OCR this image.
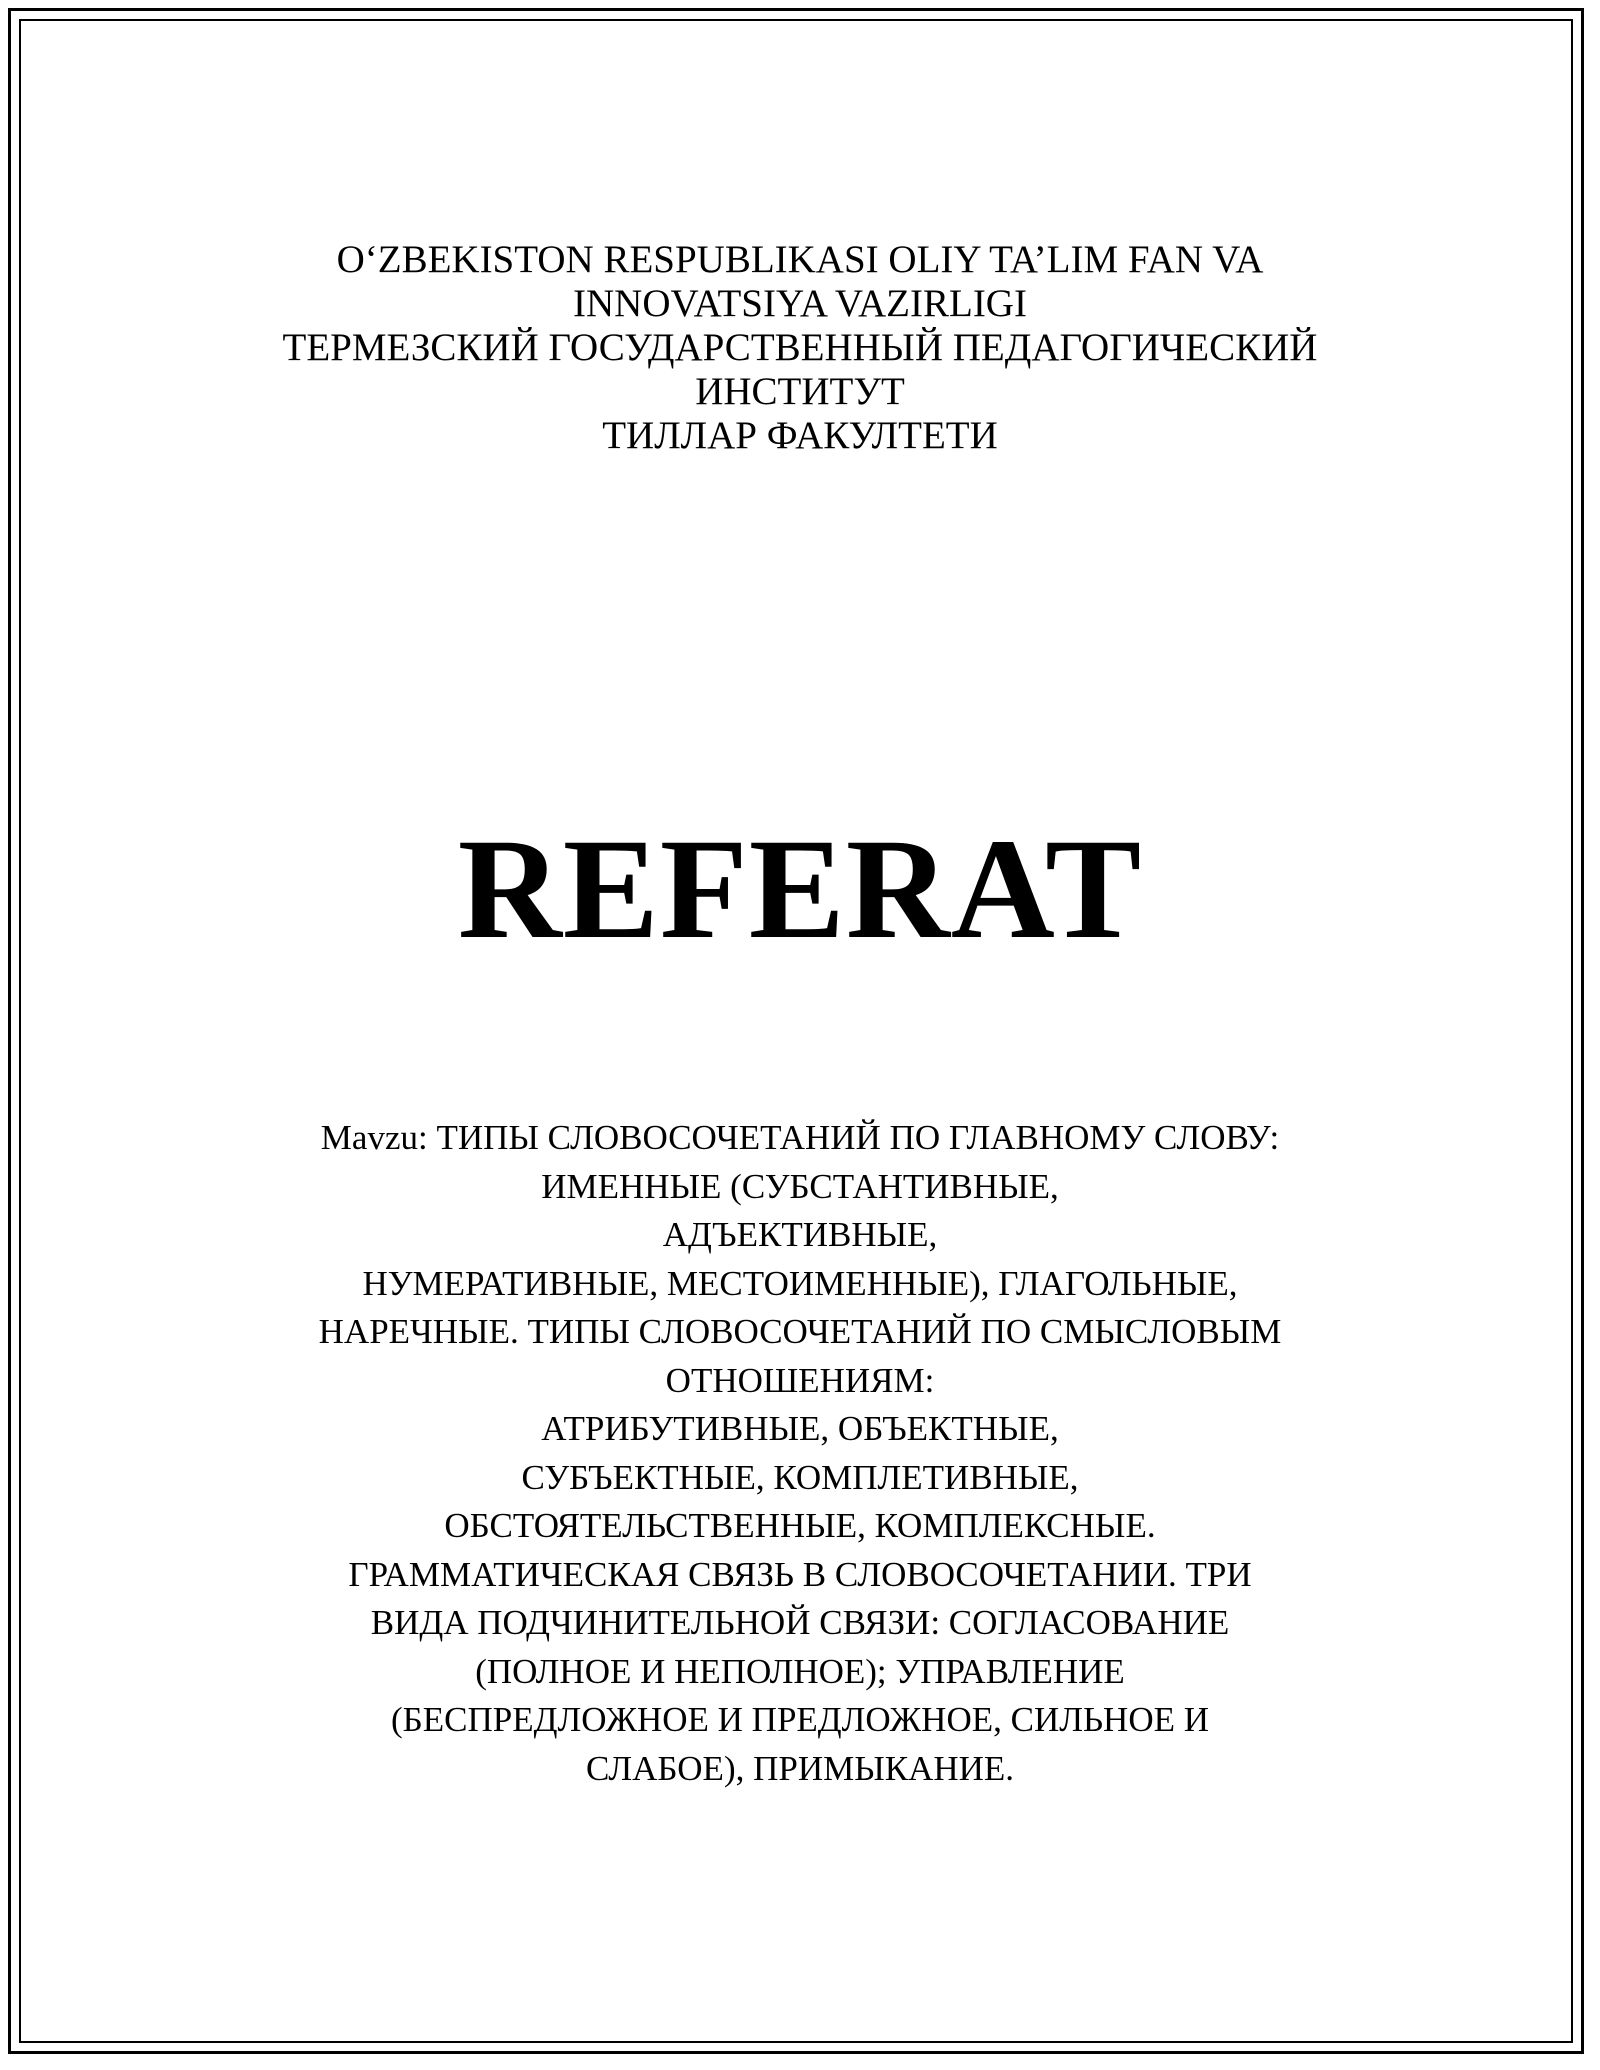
O‘ZBEKISTON RESPUBLIKASI OLIY TA’LIM FAN VA
INNOVATSIYA VAZIRLIGI
ТЕРМЕЗСКИЙ ГОСУДАРСТВЕННЫЙ ПЕДАГОГИЧЕСКИЙ
ИНСТИТУТ
ТИЛЛАР ФАКУЛТЕТИ
REFERAT
Mavzu: ТИПЫ СЛОВОСОЧЕТАНИЙ ПО ГЛАВНОМУ СЛОВУ:
ИМЕННЫЕ (СУБСТАНТИВНЫЕ,
АДЪЕКТИВНЫЕ,
НУМЕРАТИВНЫЕ, МЕСТОИМЕННЫЕ), ГЛАГОЛЬНЫЕ,
НАРЕЧНЫЕ. ТИПЫ СЛОВОСОЧЕТАНИЙ ПО СМЫСЛОВЫМ
ОТНОШЕНИЯМ:
АТРИБУТИВНЫЕ, ОБЪЕКТНЫЕ,
СУБЪЕКТНЫЕ, КОМПЛЕТИВНЫЕ,
ОБСТОЯТЕЛЬСТВЕННЫЕ, КОМПЛЕКСНЫЕ.
ГРАММАТИЧЕСКАЯ СВЯЗЬ В СЛОВОСОЧЕТАНИИ. ТРИ
ВИДА ПОДЧИНИТЕЛЬНОЙ СВЯЗИ: СОГЛАСОВАНИЕ
(ПОЛНОЕ И НЕПОЛНОЕ); УПРАВЛЕНИЕ
(БЕСПРЕДЛОЖНОЕ И ПРЕДЛОЖНОЕ, СИЛЬНОЕ И
СЛАБОЕ), ПРИМЫКАНИЕ.
